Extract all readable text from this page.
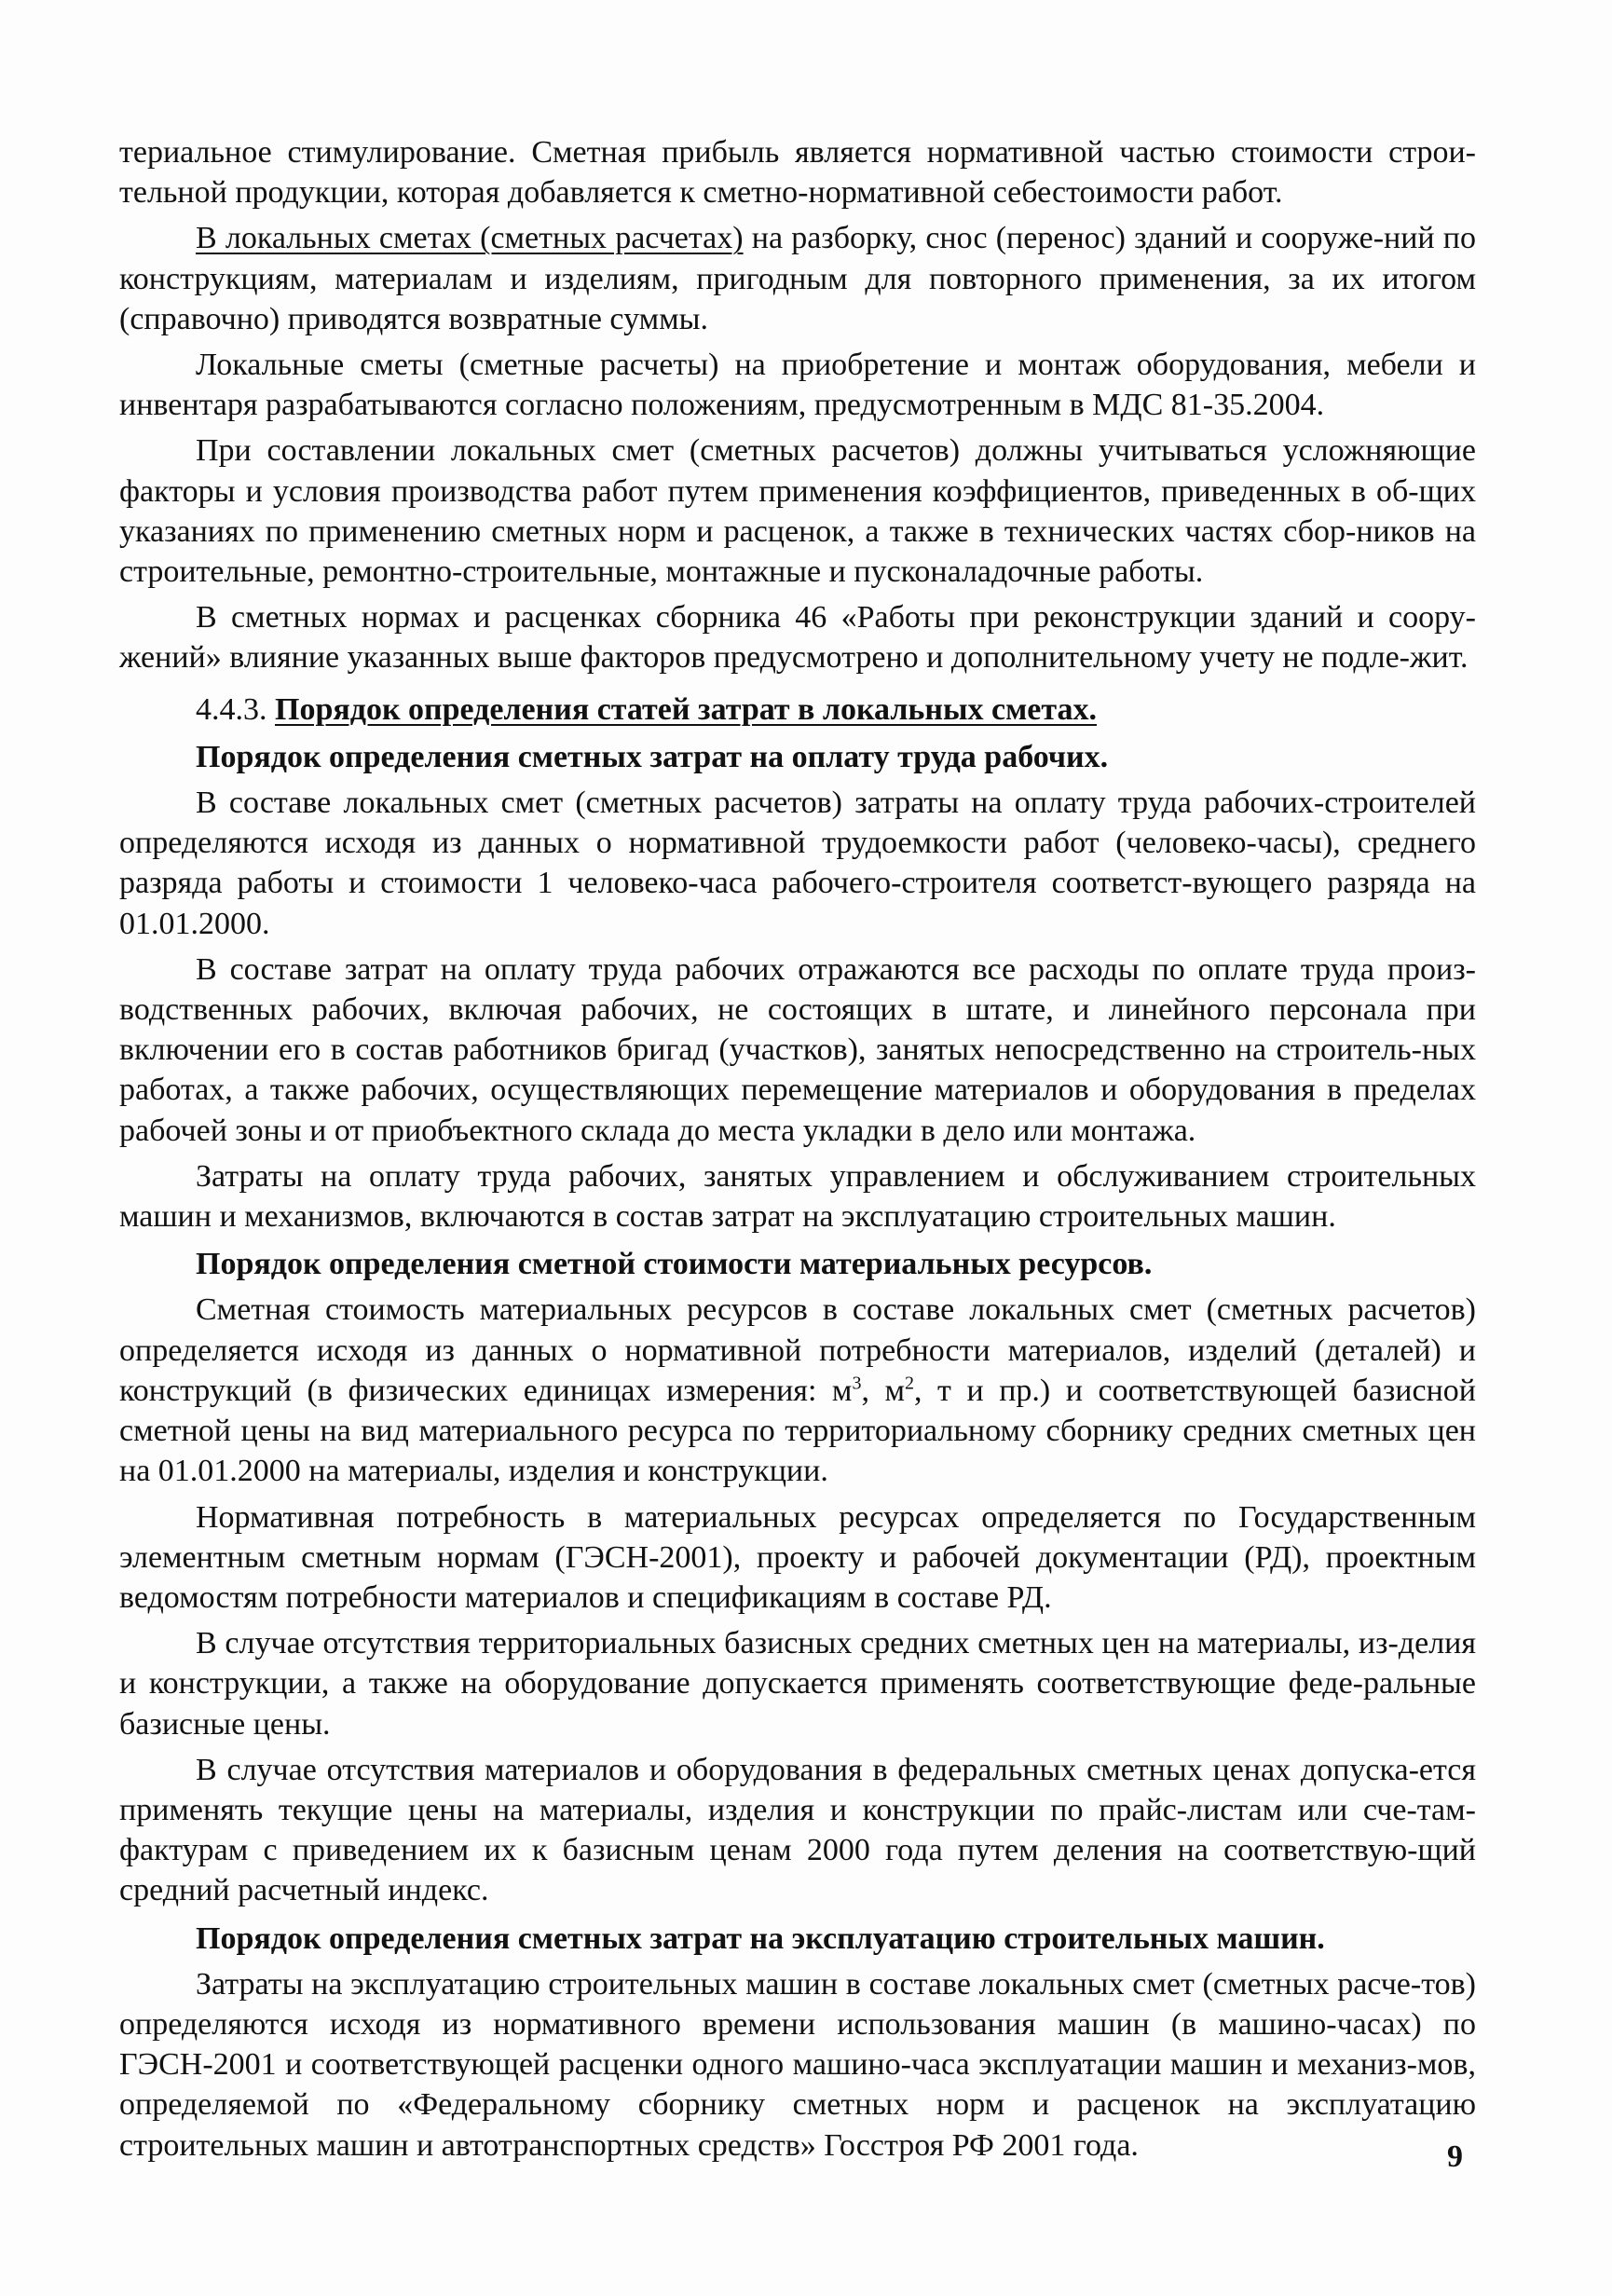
териальное стимулирование. Сметная прибыль является нормативной частью стоимости строи-тельной продукции, которая добавляется к сметно-нормативной себестоимости работ.

В локальных сметах (сметных расчетах) на разборку, снос (перенос) зданий и сооруже-ний по конструкциям, материалам и изделиям, пригодным для повторного применения, за их итогом (справочно) приводятся возвратные суммы.

Локальные сметы (сметные расчеты) на приобретение и монтаж оборудования, мебели и инвентаря разрабатываются согласно положениям, предусмотренным в МДС 81-35.2004.

При составлении локальных смет (сметных расчетов) должны учитываться усложняющие факторы и условия производства работ путем применения коэффициентов, приведенных в об-щих указаниях по применению сметных норм и расценок, а также в технических частях сбор-ников на строительные, ремонтно-строительные, монтажные и пусконаладочные работы.

В сметных нормах и расценках сборника 46 «Работы при реконструкции зданий и соору-жений» влияние указанных выше факторов предусмотрено и дополнительному учету не подле-жит.

4.4.3. Порядок определения статей затрат в локальных сметах.

Порядок определения сметных затрат на оплату труда рабочих.

В составе локальных смет (сметных расчетов) затраты на оплату труда рабочих-строителей определяются исходя из данных о нормативной трудоемкости работ (человеко-часы), среднего разряда работы и стоимости 1 человеко-часа рабочего-строителя соответст-вующего разряда на 01.01.2000.

В составе затрат на оплату труда рабочих отражаются все расходы по оплате труда произ-водственных рабочих, включая рабочих, не состоящих в штате, и линейного персонала при включении его в состав работников бригад (участков), занятых непосредственно на строитель-ных работах, а также рабочих, осуществляющих перемещение материалов и оборудования в пределах рабочей зоны и от приобъектного склада до места укладки в дело или монтажа.

Затраты на оплату труда рабочих, занятых управлением и обслуживанием строительных машин и механизмов, включаются в состав затрат на эксплуатацию строительных машин.

Порядок определения сметной стоимости материальных ресурсов.

Сметная стоимость материальных ресурсов в составе локальных смет (сметных расчетов) определяется исходя из данных о нормативной потребности материалов, изделий (деталей) и конструкций (в физических единицах измерения: $м^3$, $м^2$, т и пр.) и соответствующей базисной сметной цены на вид материального ресурса по территориальному сборнику средних сметных цен на 01.01.2000 на материалы, изделия и конструкции.

Нормативная потребность в материальных ресурсах определяется по Государственным элементным сметным нормам (ГЭСН-2001), проекту и рабочей документации (РД), проектным ведомостям потребности материалов и спецификациям в составе РД.

В случае отсутствия территориальных базисных средних сметных цен на материалы, из-делия и конструкции, а также на оборудование допускается применять соответствующие феде-ральные базисные цены.

В случае отсутствия материалов и оборудования в федеральных сметных ценах допуска-ется применять текущие цены на материалы, изделия и конструкции по прайс-листам или сче-там-фактурам с приведением их к базисным ценам 2000 года путем деления на соответствую-щий средний расчетный индекс.

Порядок определения сметных затрат на эксплуатацию строительных машин.

Затраты на эксплуатацию строительных машин в составе локальных смет (сметных расче-тов) определяются исходя из нормативного времени использования машин (в машино-часах) по ГЭСН-2001 и соответствующей расценки одного машино-часа эксплуатации машин и механиз-мов, определяемой по «Федеральному сборнику сметных норм и расценок на эксплуатацию строительных машин и автотранспортных средств» Госстроя РФ 2001 года.	9
